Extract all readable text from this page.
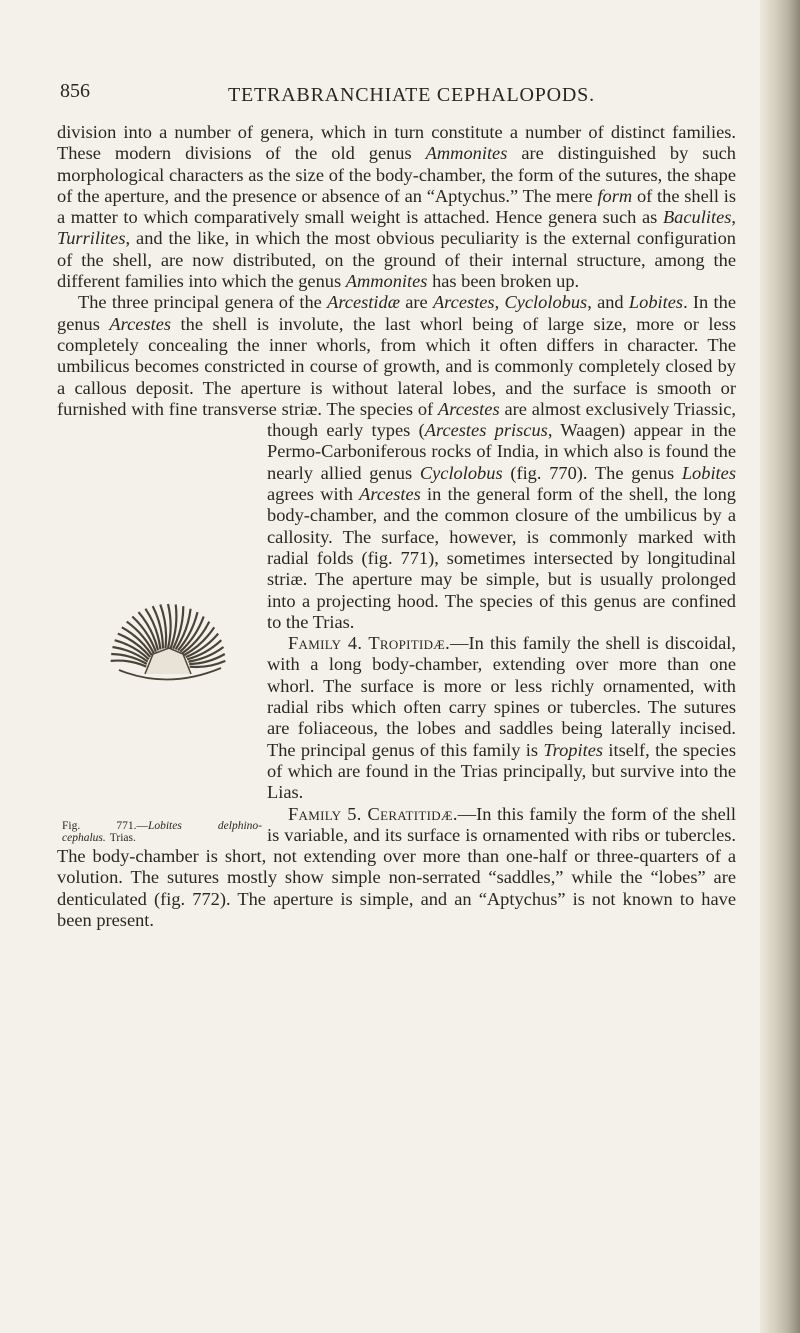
856	TETRABRANCHIATE CEPHALOPODS.

division into a number of genera, which in turn constitute a number of distinct families. These modern divisions of the old genus Ammonites are distinguished by such morphological characters as the size of the body-chamber, the form of the sutures, the shape of the aperture, and the presence or absence of an “Aptychus.” The mere form of the shell is a matter to which comparatively small weight is attached. Hence genera such as Baculites, Turrilites, and the like, in which the most obvious peculiarity is the external configuration of the shell, are now distributed, on the ground of their internal structure, among the different families into which the genus Ammonites has been broken up.

The three principal genera of the Arcestidæ are Arcestes, Cyclolobus, and Lobites. In the genus Arcestes the shell is involute, the last whorl being of large size, more or less completely concealing the inner whorls, from which it often differs in character. The umbilicus becomes constricted in course of growth, and is commonly completely closed by a callous deposit. The aperture is without lateral lobes, and the surface is smooth or furnished with fine transverse striæ. The species of Arcestes are almost exclusively Triassic, though early types (
Fig. 771.—Lobites delphino-cephalus. Trias.
Arcestes priscus, Waagen) appear in the Permo-Carboniferous rocks of India, in which also is found the nearly allied genus Cyclolobus (fig. 770). The genus Lobites agrees with Arcestes in the general form of the shell, the long body-chamber, and the common closure of the umbilicus by a callosity. The surface, however, is commonly marked with radial folds (fig. 771), sometimes intersected by longitudinal striæ. The aperture may be simple, but is usually prolonged into a projecting hood. The species of this genus are confined to the Trias.

Family 4. Tropitidæ.—In this family the shell is discoidal, with a long body-chamber, extending over more than one whorl. The surface is more or less richly ornamented, with radial ribs which often carry spines or tubercles. The sutures are foliaceous, the lobes and saddles being laterally incised. The principal genus of this family is Tropites itself, the species of which are found in the Trias principally, but survive into the Lias.

Family 5. Ceratitidæ.—In this family the form of the shell is variable, and its surface is ornamented with ribs or tubercles. The body-chamber is short, not extending over more than one-half or three-quarters of a volution. The sutures mostly show simple non-serrated “saddles,” while the “lobes” are denticulated (fig. 772). The aperture is simple, and an “Aptychus” is not known to have been present.
